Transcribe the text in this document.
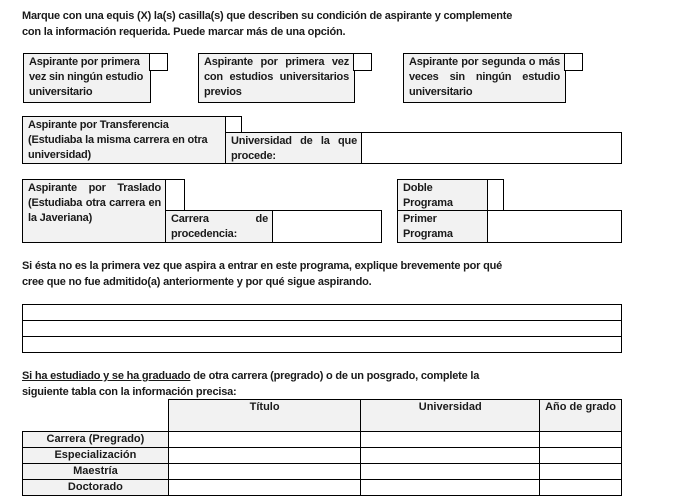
Marque con una equis (X) la(s) casilla(s) que describen su condición de aspirante y complemente
con la información requerida. Puede marcar más de una opción.
Aspirante por primera vez sin ningún estudio universitario
Aspirante por primera vez con estudios universitarios previos
Aspirante por segunda o más veces sin ningún estudio universitario
Aspirante por Transferencia (Estudiaba la misma carrera en otra universidad)
Universidad de la que procede:
Aspirante por Traslado (Estudiaba otra carrera en la Javeriana)	Carrera de procedencia:
Doble Programa
Primer Programa
Si ésta no es la primera vez que aspira a entrar en este programa, explique brevemente por qué
cree que no fue admitido(a) anteriormente y por qué sigue aspirando.
Si ha estudiado y se ha graduado de otra carrera (pregrado) o de un posgrado, complete la
siguiente tabla con la información precisa:
	Título	Universidad	Año de grado
Carrera (Pregrado)			
Especialización			
Maestría			
Doctorado			
